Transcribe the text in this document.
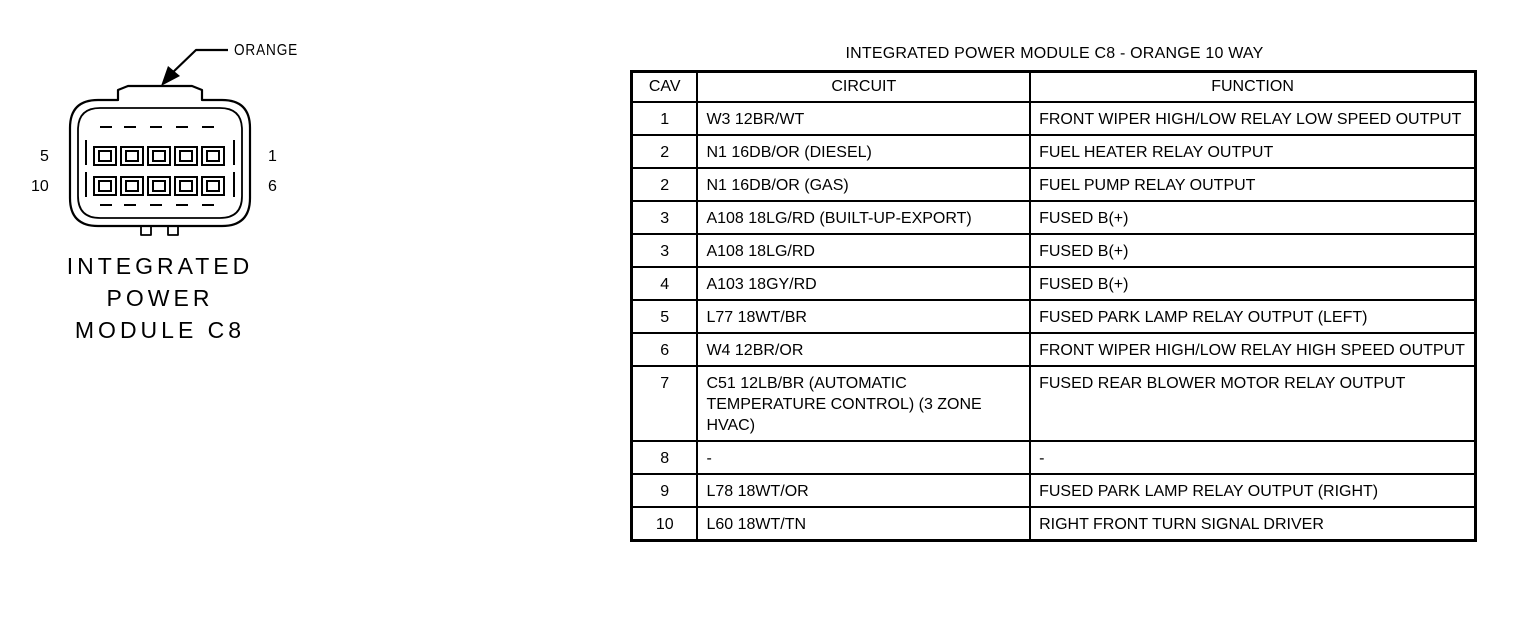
ORANGE
5	1
10	6
INTEGRATED
POWER
MODULE C8
INTEGRATED POWER MODULE C8 - ORANGE 10 WAY
CAV	CIRCUIT	FUNCTION
1	W3 12BR/WT	FRONT WIPER HIGH/LOW RELAY LOW SPEED OUTPUT
2	N1 16DB/OR (DIESEL)	FUEL HEATER RELAY OUTPUT
2	N1 16DB/OR (GAS)	FUEL PUMP RELAY OUTPUT
3	A108 18LG/RD (BUILT-UP-EXPORT)	FUSED B(+)
3	A108 18LG/RD	FUSED B(+)
4	A103 18GY/RD	FUSED B(+)
5	L77 18WT/BR	FUSED PARK LAMP RELAY OUTPUT (LEFT)
6	W4 12BR/OR	FRONT WIPER HIGH/LOW RELAY HIGH SPEED OUTPUT
7	C51 12LB/BR (AUTOMATIC TEMPERATURE CONTROL) (3 ZONE HVAC)	FUSED REAR BLOWER MOTOR RELAY OUTPUT
8	-	-
9	L78 18WT/OR	FUSED PARK LAMP RELAY OUTPUT (RIGHT)
10	L60 18WT/TN	RIGHT FRONT TURN SIGNAL DRIVER
